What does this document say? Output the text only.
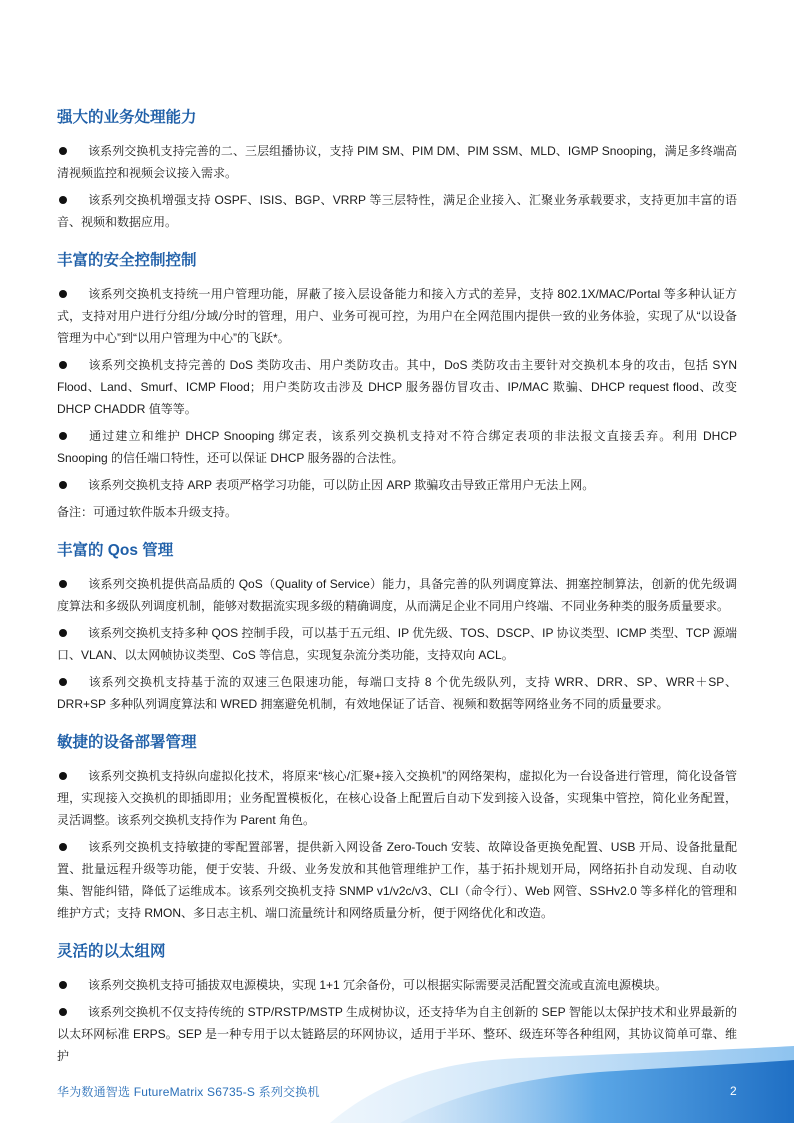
强大的业务处理能力

该系列交换机支持完善的二、三层组播协议，支持 PIM SM、PIM DM、PIM SSM、MLD、IGMP Snooping，满足多终端高清视频监控和视频会议接入需求。

该系列交换机增强支持 OSPF、ISIS、BGP、VRRP 等三层特性，满足企业接入、汇聚业务承载要求，支持更加丰富的语音、视频和数据应用。

丰富的安全控制控制

该系列交换机支持统一用户管理功能，屏蔽了接入层设备能力和接入方式的差异，支持 802.1X/MAC/Portal 等多种认证方式，支持对用户进行分组/分域/分时的管理，用户、业务可视可控，为用户在全网范围内提供一致的业务体验，实现了从“以设备管理为中心”到“以用户管理为中心”的飞跃*。

该系列交换机支持完善的 DoS 类防攻击、用户类防攻击。其中，DoS 类防攻击主要针对交换机本身的攻击，包括 SYN Flood、Land、Smurf、ICMP Flood；用户类防攻击涉及 DHCP 服务器仿冒攻击、IP/MAC 欺骗、DHCP request flood、改变 DHCP CHADDR 值等等。

通过建立和维护 DHCP Snooping 绑定表，该系列交换机支持对不符合绑定表项的非法报文直接丢弃。利用 DHCP Snooping 的信任端口特性，还可以保证 DHCP 服务器的合法性。

该系列交换机支持 ARP 表项严格学习功能，可以防止因 ARP 欺骗攻击导致正常用户无法上网。

备注：可通过软件版本升级支持。

丰富的 Qos 管理

该系列交换机提供高品质的 QoS（Quality of Service）能力，具备完善的队列调度算法、拥塞控制算法，创新的优先级调度算法和多级队列调度机制，能够对数据流实现多级的精确调度，从而满足企业不同用户终端、不同业务种类的服务质量要求。

该系列交换机支持多种 QOS 控制手段，可以基于五元组、IP 优先级、TOS、DSCP、IP 协议类型、ICMP 类型、TCP 源端口、VLAN、以太网帧协议类型、CoS 等信息，实现复杂流分类功能，支持双向 ACL。

该系列交换机支持基于流的双速三色限速功能，每端口支持 8 个优先级队列，支持 WRR、DRR、SP、WRR＋SP、DRR+SP 多种队列调度算法和 WRED 拥塞避免机制，有效地保证了话音、视频和数据等网络业务不同的质量要求。

敏捷的设备部署管理

该系列交换机支持纵向虚拟化技术，将原来“核心/汇聚+接入交换机”的网络架构，虚拟化为一台设备进行管理，简化设备管理，实现接入交换机的即插即用；业务配置模板化，在核心设备上配置后自动下发到接入设备，实现集中管控，简化业务配置，灵活调整。该系列交换机支持作为 Parent 角色。

该系列交换机支持敏捷的零配置部署，提供新入网设备 Zero-Touch 安装、故障设备更换免配置、USB 开局、设备批量配置、批量远程升级等功能，便于安装、升级、业务发放和其他管理维护工作，基于拓扑规划开局，网络拓扑自动发现、自动收集、智能纠错，降低了运维成本。该系列交换机支持 SNMP v1/v2c/v3、CLI（命令行）、Web 网管、SSHv2.0 等多样化的管理和维护方式；支持 RMON、多日志主机、端口流量统计和网络质量分析，便于网络优化和改造。

灵活的以太组网

该系列交换机支持可插拔双电源模块，实现 1+1 冗余备份，可以根据实际需要灵活配置交流或直流电源模块。

该系列交换机不仅支持传统的 STP/RSTP/MSTP 生成树协议，还支持华为自主创新的 SEP 智能以太保护技术和业界最新的以太环网标准 ERPS。SEP 是一种专用于以太链路层的环网协议，适用于半环、整环、级连环等各种组网，其协议简单可靠、维护

华为数通智选 FutureMatrix S6735-S 系列交换机	2
